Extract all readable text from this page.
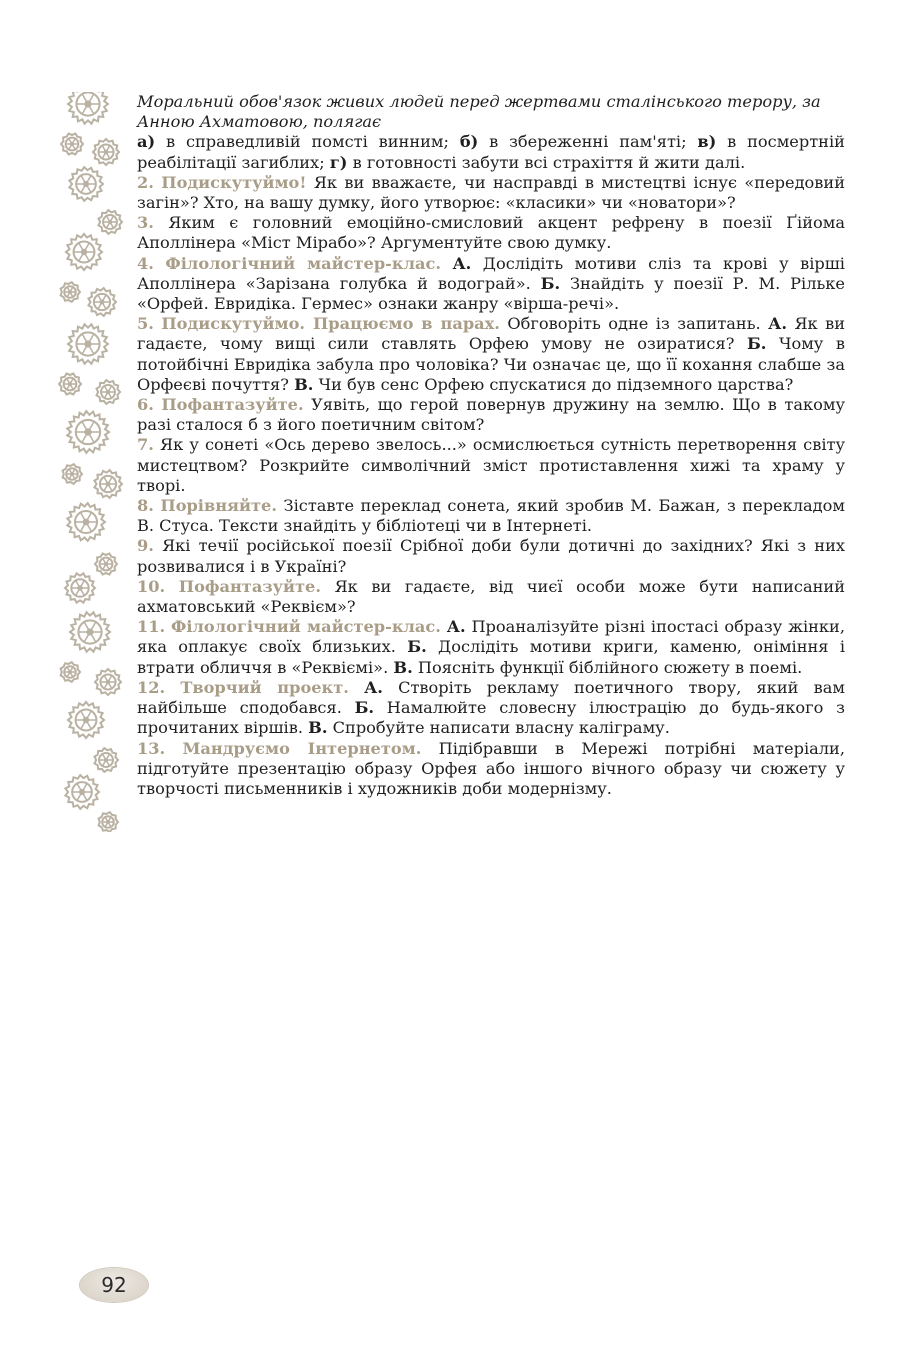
Моральний обов'язок живих людей перед жертвами сталінського терору, за Анною Ахматовою, полягає

а) в справедливій помсті винним; б) в збереженні пам'яті; в) в посмертній реабілітації загиблих; г) в готовності забути всі страхіття й жити далі.

2. Подискутуймо! Як ви вважаєте, чи насправді в мистецтві існує «передовий загін»? Хто, на вашу думку, його утворює: «класики» чи «новатори»?

3. Яким є головний емоційно-смисловий акцент рефрену в поезії Ґійома Аполлінера «Міст Мірабо»? Аргументуйте свою думку.

4. Філологічний майстер-клас. А. Дослідіть мотиви сліз та крові у вірші Аполлінера «Зарізана голубка й водограй». Б. Знайдіть у поезії Р. М. Рільке «Орфей. Евридіка. Гермес» ознаки жанру «вірша-речі».

5. Подискутуймо. Працюємо в парах. Обговоріть одне із запитань. А. Як ви гадаєте, чому вищі сили ставлять Орфею умову не озиратися? Б. Чому в потойбічні Евридіка забула про чоловіка? Чи означає це, що її кохання слабше за Орфеєві почуття? В. Чи був сенс Орфею спускатися до підземного царства?

6. Пофантазуйте. Уявіть, що герой повернув дружину на землю. Що в такому разі сталося б з його поетичним світом?

7. Як у сонеті «Ось дерево звелось...» осмислюється сутність перетворення світу мистецтвом? Розкрийте символічний зміст протиставлення хижі та храму у творі.

8. Порівняйте. Зіставте переклад сонета, який зробив М. Бажан, з перекладом В. Стуса. Тексти знайдіть у бібліотеці чи в Інтернеті.

9. Які течії російської поезії Срібної доби були дотичні до західних? Які з них розвивалися і в Україні?

10. Пофантазуйте. Як ви гадаєте, від чиєї особи може бути написаний ахматовський «Реквієм»?

11. Філологічний майстер-клас. А. Проаналізуйте різні іпостасі образу жінки, яка оплакує своїх близьких. Б. Дослідіть мотиви криги, каменю, оніміння і втрати обличчя в «Реквіємі». В. Поясніть функції біблійного сюжету в поемі.

12. Творчий проект. А. Створіть рекламу поетичного твору, який вам найбільше сподобався. Б. Намалюйте словесну ілюстрацію до будь-якого з прочитаних віршів. В. Спробуйте написати власну каліграму.

13. Мандруємо Інтернетом. Підібравши в Мережі потрібні матеріали, підготуйте презентацію образу Орфея або іншого вічного образу чи сюжету у творчості письменників і художників доби модернізму.

92
